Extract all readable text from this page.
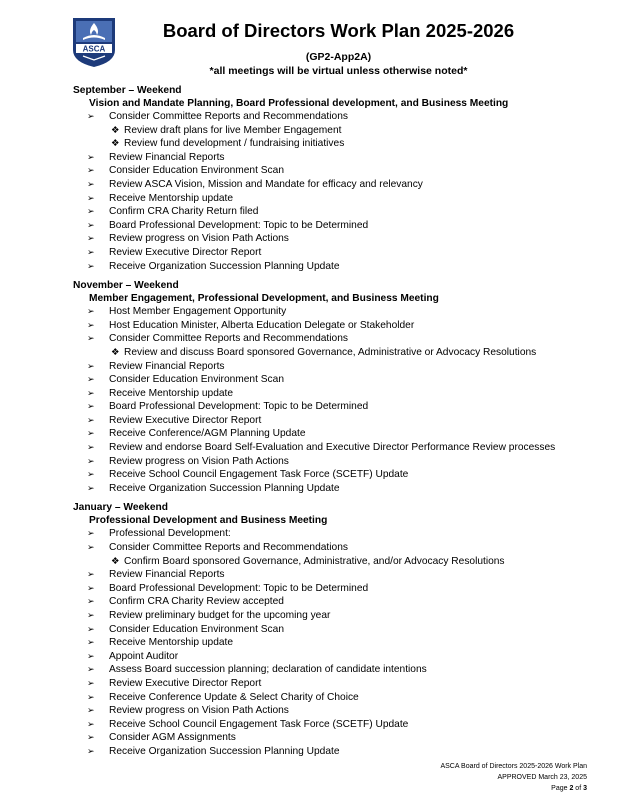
ASCA
Board of Directors Work Plan 2025-2026
(GP2-App2A)
*all meetings will be virtual unless otherwise noted*
September – Weekend
Vision and Mandate Planning, Board Professional development, and Business Meeting
➢ Consider Committee Reports and Recommendations
❖ Review draft plans for live Member Engagement
❖ Review fund development / fundraising initiatives
➢ Review Financial Reports
➢ Consider Education Environment Scan
➢ Review ASCA Vision, Mission and Mandate for efficacy and relevancy
➢ Receive Mentorship update
➢ Confirm CRA Charity Return filed
➢ Board Professional Development: Topic to be Determined
➢ Review progress on Vision Path Actions
➢ Review Executive Director Report
➢ Receive Organization Succession Planning Update
November – Weekend
Member Engagement, Professional Development, and Business Meeting
➢ Host Member Engagement Opportunity
➢ Host Education Minister, Alberta Education Delegate or Stakeholder
➢ Consider Committee Reports and Recommendations
❖ Review and discuss Board sponsored Governance, Administrative or Advocacy Resolutions
➢ Review Financial Reports
➢ Consider Education Environment Scan
➢ Receive Mentorship update
➢ Board Professional Development: Topic to be Determined
➢ Review Executive Director Report
➢ Receive Conference/AGM Planning Update
➢ Review and endorse Board Self-Evaluation and Executive Director Performance Review processes
➢ Review progress on Vision Path Actions
➢ Receive School Council Engagement Task Force (SCETF) Update
➢ Receive Organization Succession Planning Update
January – Weekend
Professional Development and Business Meeting
➢ Professional Development:
➢ Consider Committee Reports and Recommendations
❖ Confirm Board sponsored Governance, Administrative, and/or Advocacy Resolutions
➢ Review Financial Reports
➢ Board Professional Development: Topic to be Determined
➢ Confirm CRA Charity Review accepted
➢ Review preliminary budget for the upcoming year
➢ Consider Education Environment Scan
➢ Receive Mentorship update
➢ Appoint Auditor
➢ Assess Board succession planning; declaration of candidate intentions
➢ Review Executive Director Report
➢ Receive Conference Update & Select Charity of Choice
➢ Review progress on Vision Path Actions
➢ Receive School Council Engagement Task Force (SCETF) Update
➢ Consider AGM Assignments
➢ Receive Organization Succession Planning Update
ASCA Board of Directors 2025-2026 Work Plan
APPROVED March 23, 2025
Page 2 of 3
